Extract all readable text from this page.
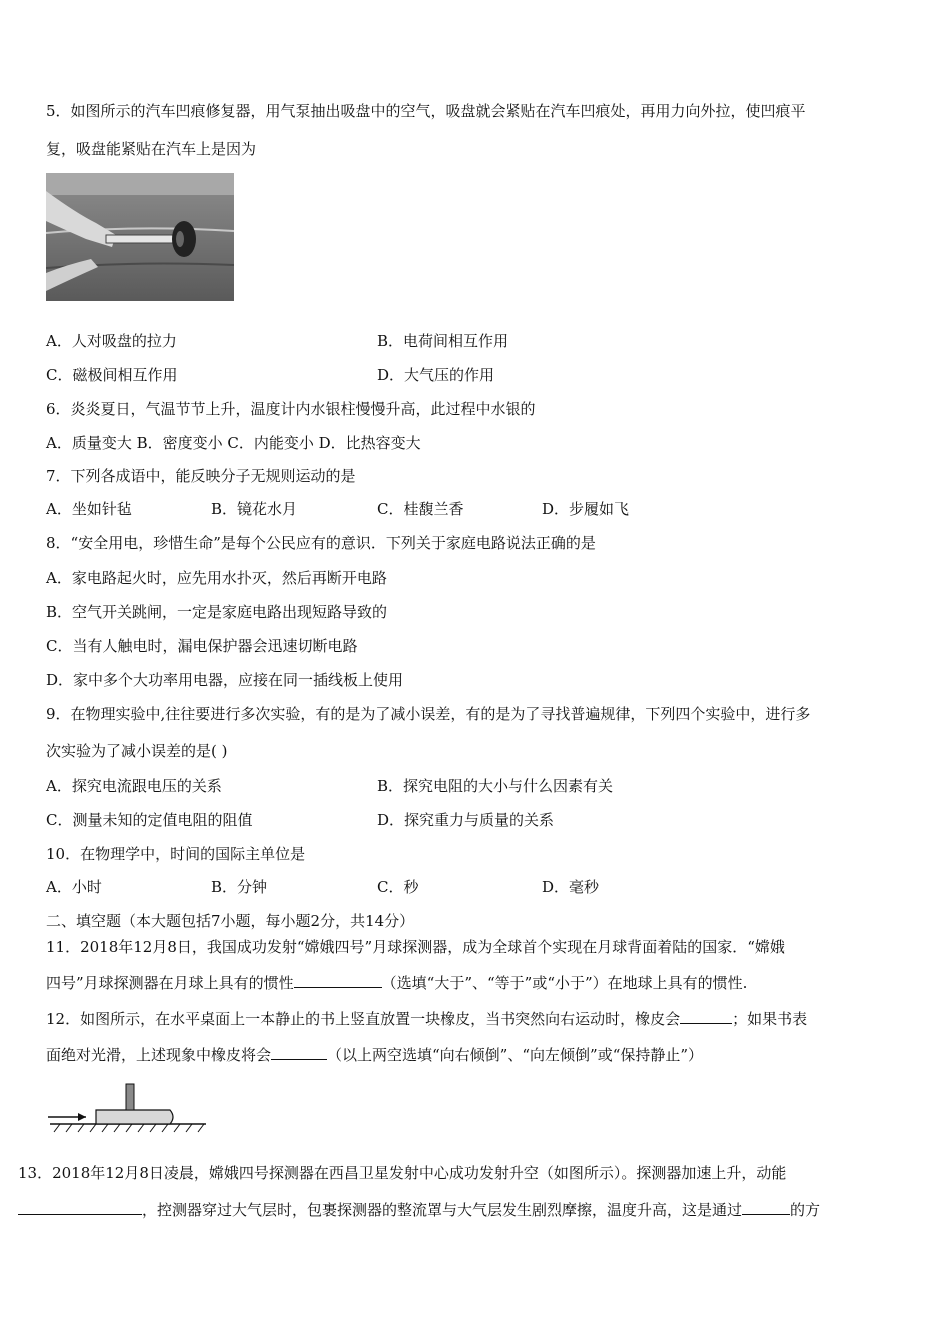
5．如图所示的汽车凹痕修复器，用气泵抽出吸盘中的空气，吸盘就会紧贴在汽车凹痕处，再用力向外拉，使凹痕平
复，吸盘能紧贴在汽车上是因为
A．人对吸盘的拉力	B．电荷间相互作用
C．磁极间相互作用	D．大气压的作用
6．炎炎夏日，气温节节上升，温度计内水银柱慢慢升高，此过程中水银的
A．质量变大 B．密度变小 C．内能变小 D．比热容变大
7．下列各成语中，能反映分子无规则运动的是
A．坐如针毡	B．镜花水月	C．桂馥兰香	D．步履如飞
8．“安全用电，珍惜生命”是每个公民应有的意识．下列关于家庭电路说法正确的是
A．家电路起火时，应先用水扑灭，然后再断开电路
B．空气开关跳闸，一定是家庭电路出现短路导致的
C．当有人触电时，漏电保护器会迅速切断电路
D．家中多个大功率用电器，应接在同一插线板上使用
9．在物理实验中,往往要进行多次实验，有的是为了减小误差，有的是为了寻找普遍规律，下列四个实验中，进行多
次实验为了减小误差的是( )
A．探究电流跟电压的关系	B．探究电阻的大小与什么因素有关
C．测量未知的定值电阻的阻值	D．探究重力与质量的关系
10．在物理学中，时间的国际主单位是
A．小时	B．分钟	C．秒	D．毫秒
二、填空题（本大题包括7小题，每小题2分，共14分）
11．2018年12月8日，我国成功发射“嫦娥四号”月球探测器，成为全球首个实现在月球背面着陆的国家．“嫦娥
四号”月球探测器在月球上具有的惯性	（选填“大于”、“等于”或“小于”）在地球上具有的惯性.
12．如图所示，在水平桌面上一本静止的书上竖直放置一块橡皮，当书突然向右运动时，橡皮会	；如果书表
面绝对光滑，上述现象中橡皮将会	（以上两空选填“向右倾倒”、“向左倾倒”或“保持静止”）
13．2018年12月8日凌晨，嫦娥四号探测器在西昌卫星发射中心成功发射升空（如图所示）。探测器加速上升，动能
，控测器穿过大气层时，包裹探测器的整流罩与大气层发生剧烈摩擦，温度升高，这是通过	的方
